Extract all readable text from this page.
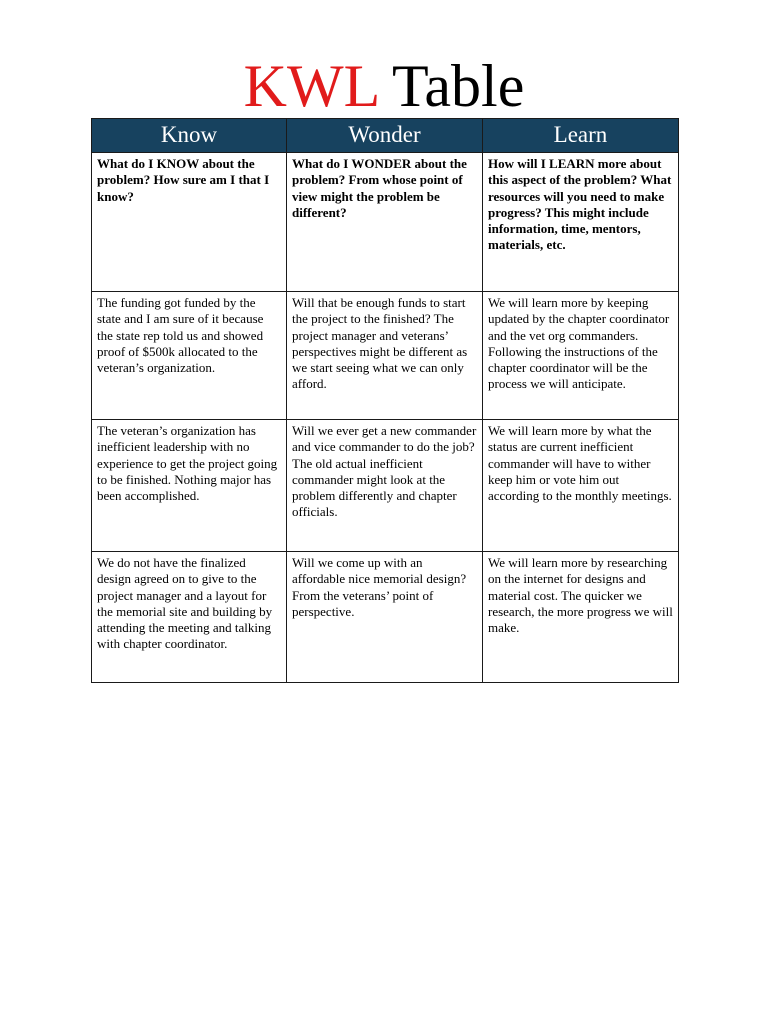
KWL Table
Know	Wonder	Learn
What do I KNOW about the problem? How sure am I that I know?	What do I WONDER about the problem? From whose point of view might the problem be different?	How will I LEARN more about this aspect of the problem? What resources will you need to make progress? This might include information, time, mentors, materials, etc.
The funding got funded by the state and I am sure of it because the state rep told us and showed proof of $500k allocated to the veteran’s organization.	Will that be enough funds to start the project to the finished? The project manager and veterans’ perspectives might be different as we start seeing what we can only afford.	We will learn more by keeping updated by the chapter coordinator and the vet org commanders. Following the instructions of the chapter coordinator will be the process we will anticipate.
The veteran’s organization has inefficient leadership with no experience to get the project going to be finished. Nothing major has been accomplished.	Will we ever get a new commander and vice commander to do the job? The old actual inefficient commander might look at the problem differently and chapter officials.	We will learn more by what the status are current inefficient commander will have to wither keep him or vote him out according to the monthly meetings.
We do not have the finalized design agreed on to give to the project manager and a layout for the memorial site and building by attending the meeting and talking with chapter coordinator.	Will we come up with an affordable nice memorial design? From the veterans’ point of perspective.	We will learn more by researching on the internet for designs and material cost. The quicker we research, the more progress we will make.
